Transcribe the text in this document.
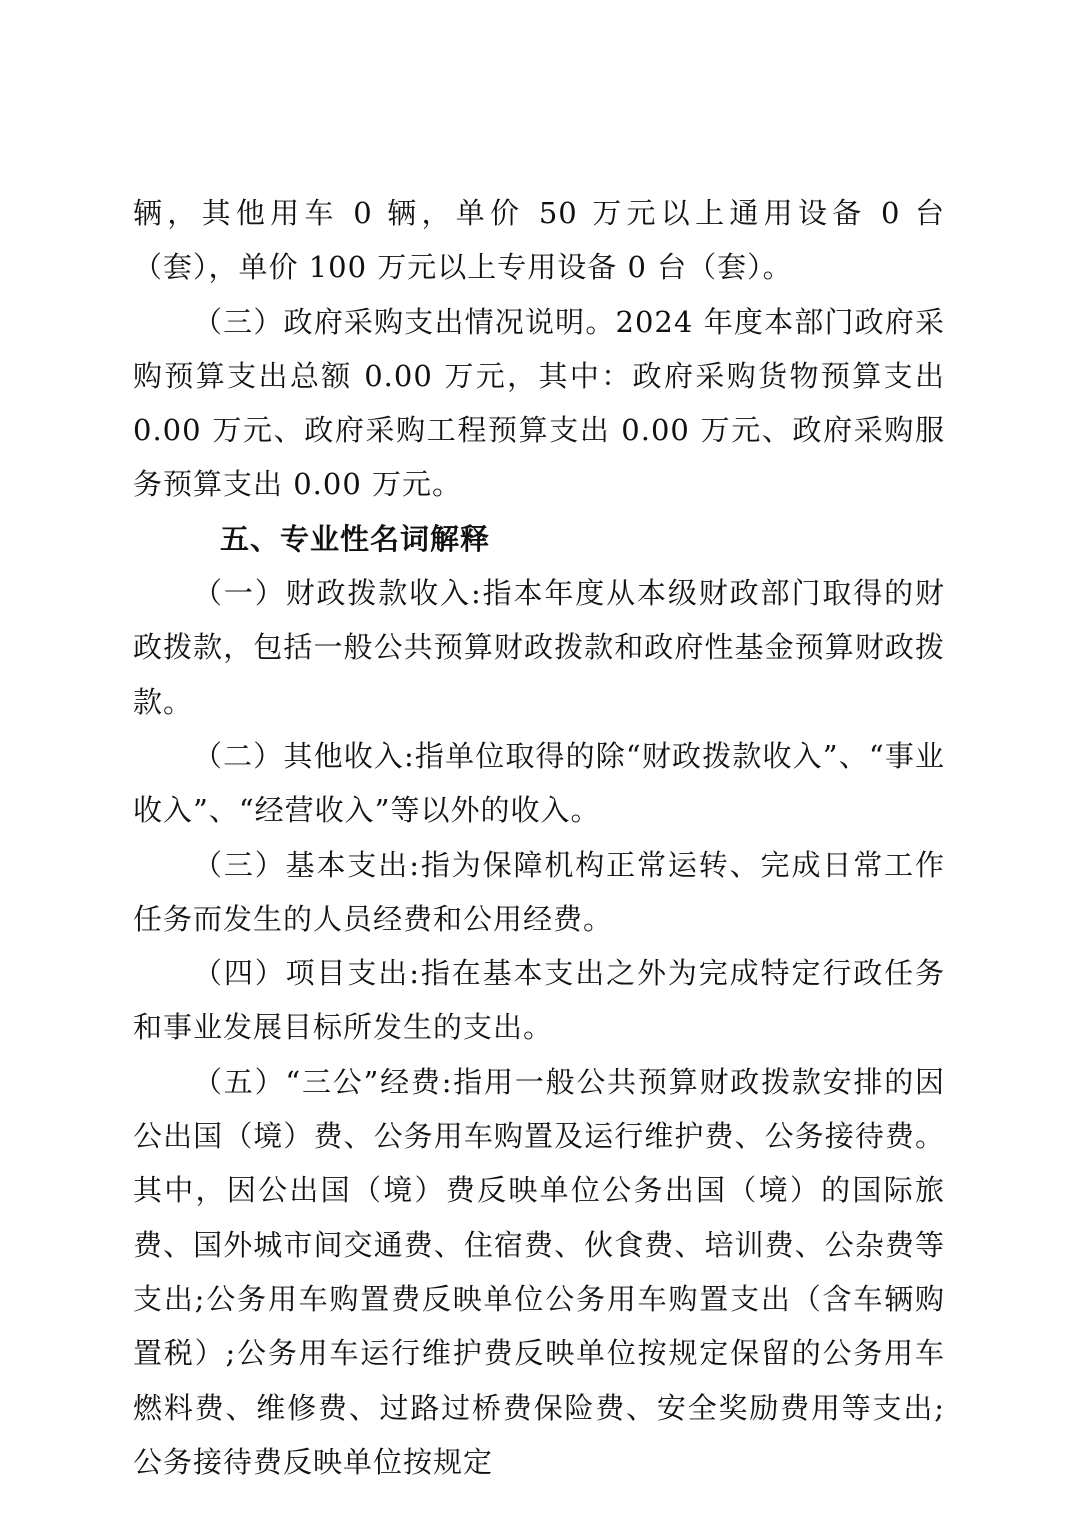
辆，其他用车 0 辆，单价 50 万元以上通用设备 0 台（套），单价 100 万元以上专用设备 0 台（套）。

（三）政府采购支出情况说明。2024 年度本部门政府采购预算支出总额 0.00 万元，其中：政府采购货物预算支出 0.00 万元、政府采购工程预算支出 0.00 万元、政府采购服务预算支出 0.00 万元。

五、专业性名词解释

（一）财政拨款收入:指本年度从本级财政部门取得的财政拨款，包括一般公共预算财政拨款和政府性基金预算财政拨款。

（二）其他收入:指单位取得的除“财政拨款收入”、“事业收入”、“经营收入”等以外的收入。

（三）基本支出:指为保障机构正常运转、完成日常工作任务而发生的人员经费和公用经费。

（四）项目支出:指在基本支出之外为完成特定行政任务和事业发展目标所发生的支出。

（五）“三公”经费:指用一般公共预算财政拨款安排的因公出国（境）费、公务用车购置及运行维护费、公务接待费。其中，因公出国（境）费反映单位公务出国（境）的国际旅费、国外城市间交通费、住宿费、伙食费、培训费、公杂费等支出;公务用车购置费反映单位公务用车购置支出（含车辆购置税）;公务用车运行维护费反映单位按规定保留的公务用车燃料费、维修费、过路过桥费保险费、安全奖励费用等支出;公务接待费反映单位按规定
